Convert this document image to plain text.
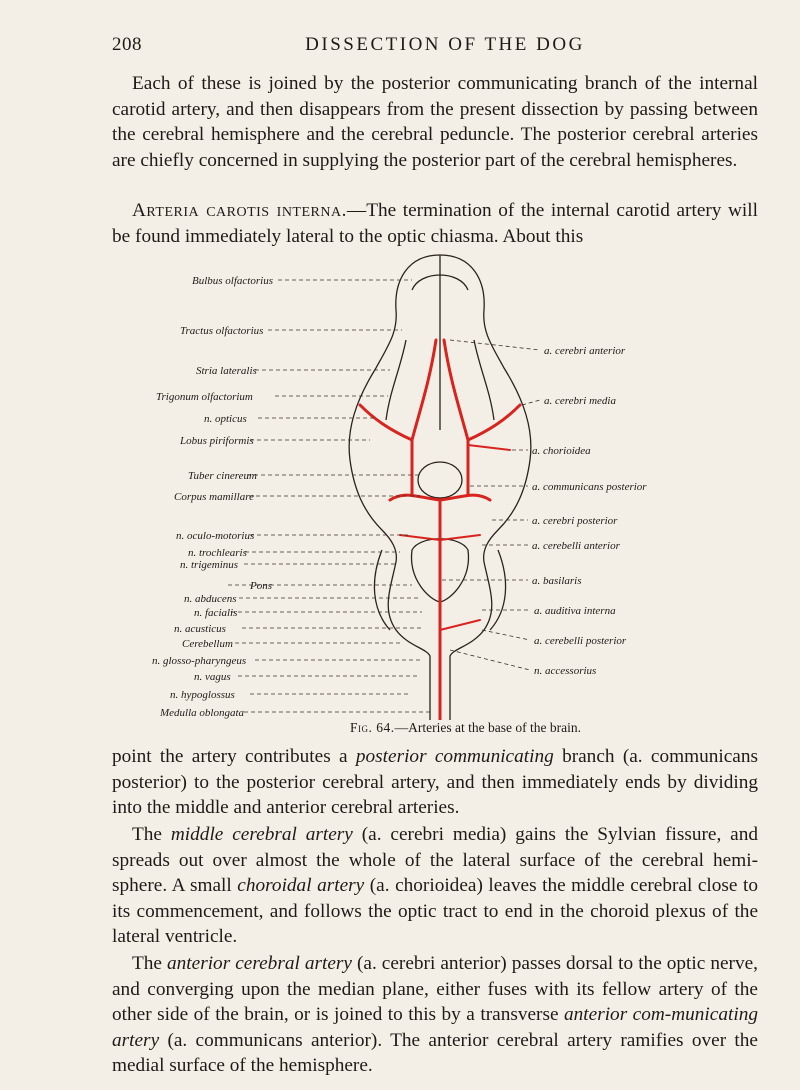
208	DISSECTION OF THE DOG

Each of these is joined by the posterior communicating branch of the internal carotid artery, and then disappears from the present dissection by passing between the cerebral hemisphere and the cerebral peduncle. The posterior cerebral arteries are chiefly concerned in supplying the posterior part of the cerebral hemispheres.

Arteria carotis interna.—The termination of the internal carotid artery will be found immediately lateral to the optic chiasma. About this

Bulbus olfactorius
Tractus olfactorius
Stria lateralis
Trigonum olfactorium
n. opticus
Lobus piriformis
Tuber cinereum
Corpus mamillare
n. oculo-motorius
n. trochlearis
n. trigeminus
Pons
n. abducens
n. facialis
n. acusticus
Cerebellum
n. glosso-pharyngeus
n. vagus
n. hypoglossus
Medulla oblongata
a. cerebri anterior
a. cerebri media
a. chorioidea
a. communicans posterior
a. cerebri posterior
a. cerebelli anterior
a. basilaris
a. auditiva interna
a. cerebelli posterior
n. accessorius
Fig. 64.—Arteries at the base of the brain.

point the artery contributes a posterior communicating branch (a. communicans posterior) to the posterior cerebral artery, and then immediately ends by dividing into the middle and anterior cerebral arteries.

The middle cerebral artery (a. cerebri media) gains the Sylvian fissure, and spreads out over almost the whole of the lateral surface of the cerebral hemi-sphere. A small choroidal artery (a. chorioidea) leaves the middle cerebral close to its commencement, and follows the optic tract to end in the choroid plexus of the lateral ventricle.

The anterior cerebral artery (a. cerebri anterior) passes dorsal to the optic nerve, and converging upon the median plane, either fuses with its fellow artery of the other side of the brain, or is joined to this by a transverse anterior com-municating artery (a. communicans anterior). The anterior cerebral artery ramifies over the medial surface of the hemisphere.
